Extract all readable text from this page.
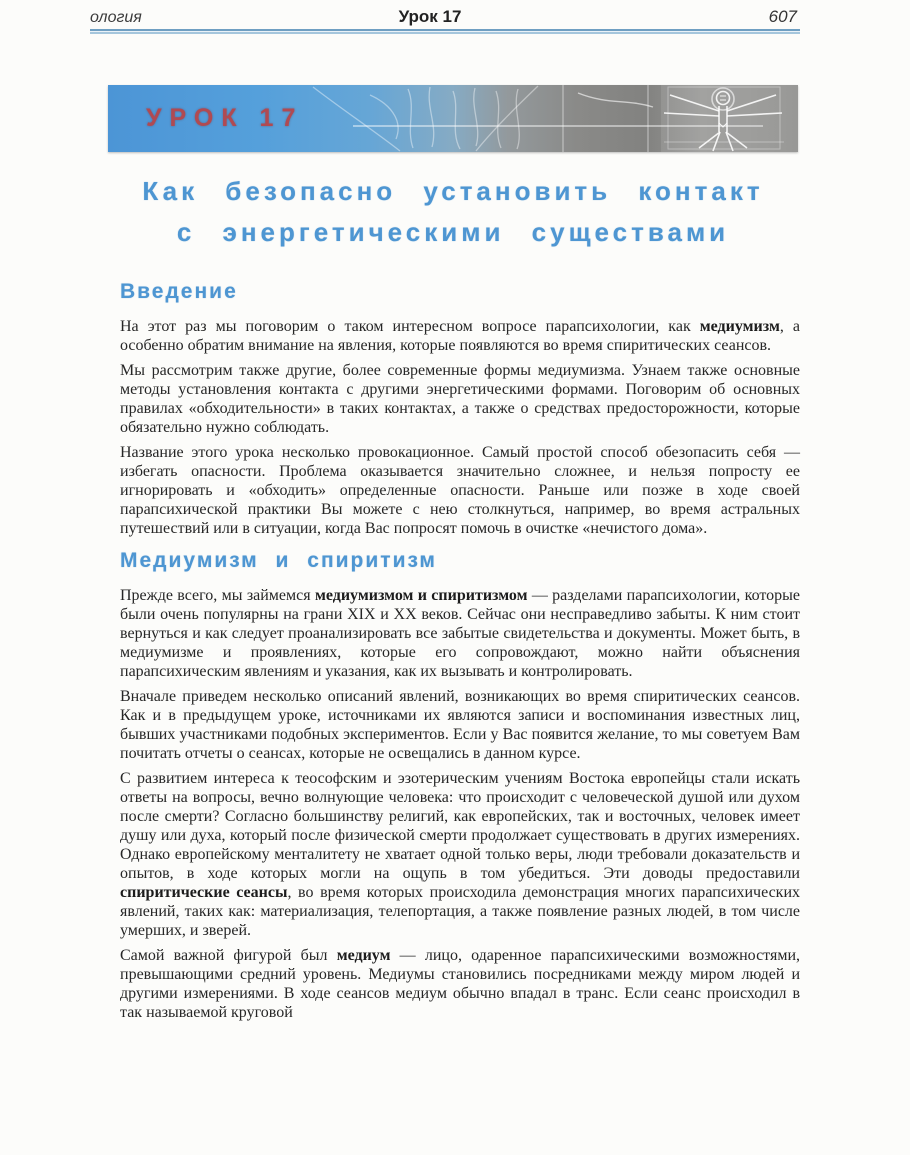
ология	Урок 17	607
УРОК 17
Как безопасно установить контакт
с энергетическими существами
Введение

На этот раз мы поговорим о таком интересном вопросе парапсихологии, как медиумизм, а особенно обратим внимание на явления, которые появляются во время спиритических сеансов.

Мы рассмотрим также другие, более современные формы медиумизма. Узнаем также основные методы установления контакта с другими энергетическими формами. Поговорим об основных правилах «обходительности» в таких контактах, а также о средствах предосторожности, которые обязательно нужно соблюдать.

Название этого урока несколько провокационное. Самый простой способ обезопасить себя — избегать опасности. Проблема оказывается значительно сложнее, и нельзя попросту ее игнорировать и «обходить» определенные опасности. Раньше или позже в ходе своей парапсихической практики Вы можете с нею столкнуться, например, во время астральных путешествий или в ситуации, когда Вас попросят помочь в очистке «нечистого дома».

Медиумизм и спиритизм

Прежде всего, мы займемся медиумизмом и спиритизмом — разделами парапсихологии, которые были очень популярны на грани XIX и XX веков. Сейчас они несправедливо забыты. К ним стоит вернуться и как следует проанализировать все забытые свидетельства и документы. Может быть, в медиумизме и проявлениях, которые его сопровождают, можно найти объяснения парапсихическим явлениям и указания, как их вызывать и контролировать.

Вначале приведем несколько описаний явлений, возникающих во время спиритических сеансов. Как и в предыдущем уроке, источниками их являются записи и воспоминания известных лиц, бывших участниками подобных экспериментов. Если у Вас появится желание, то мы советуем Вам почитать отчеты о сеансах, которые не освещались в данном курсе.

С развитием интереса к теософским и эзотерическим учениям Востока европейцы стали искать ответы на вопросы, вечно волнующие человека: что происходит с человеческой душой или духом после смерти? Согласно большинству религий, как европейских, так и восточных, человек имеет душу или духа, который после физической смерти продолжает существовать в других измерениях. Однако европейскому менталитету не хватает одной только веры, люди требовали доказательств и опытов, в ходе которых могли на ощупь в том убедиться. Эти доводы предоставили спиритические сеансы, во время которых происходила демонстрация многих парапсихических явлений, таких как: материализация, телепортация, а также появление разных людей, в том числе умерших, и зверей.

Самой важной фигурой был медиум — лицо, одаренное парапсихическими возможностями, превышающими средний уровень. Медиумы становились посредниками между миром людей и другими измерениями. В ходе сеансов медиум обычно впадал в транс. Если сеанс происходил в так называемой круговой
